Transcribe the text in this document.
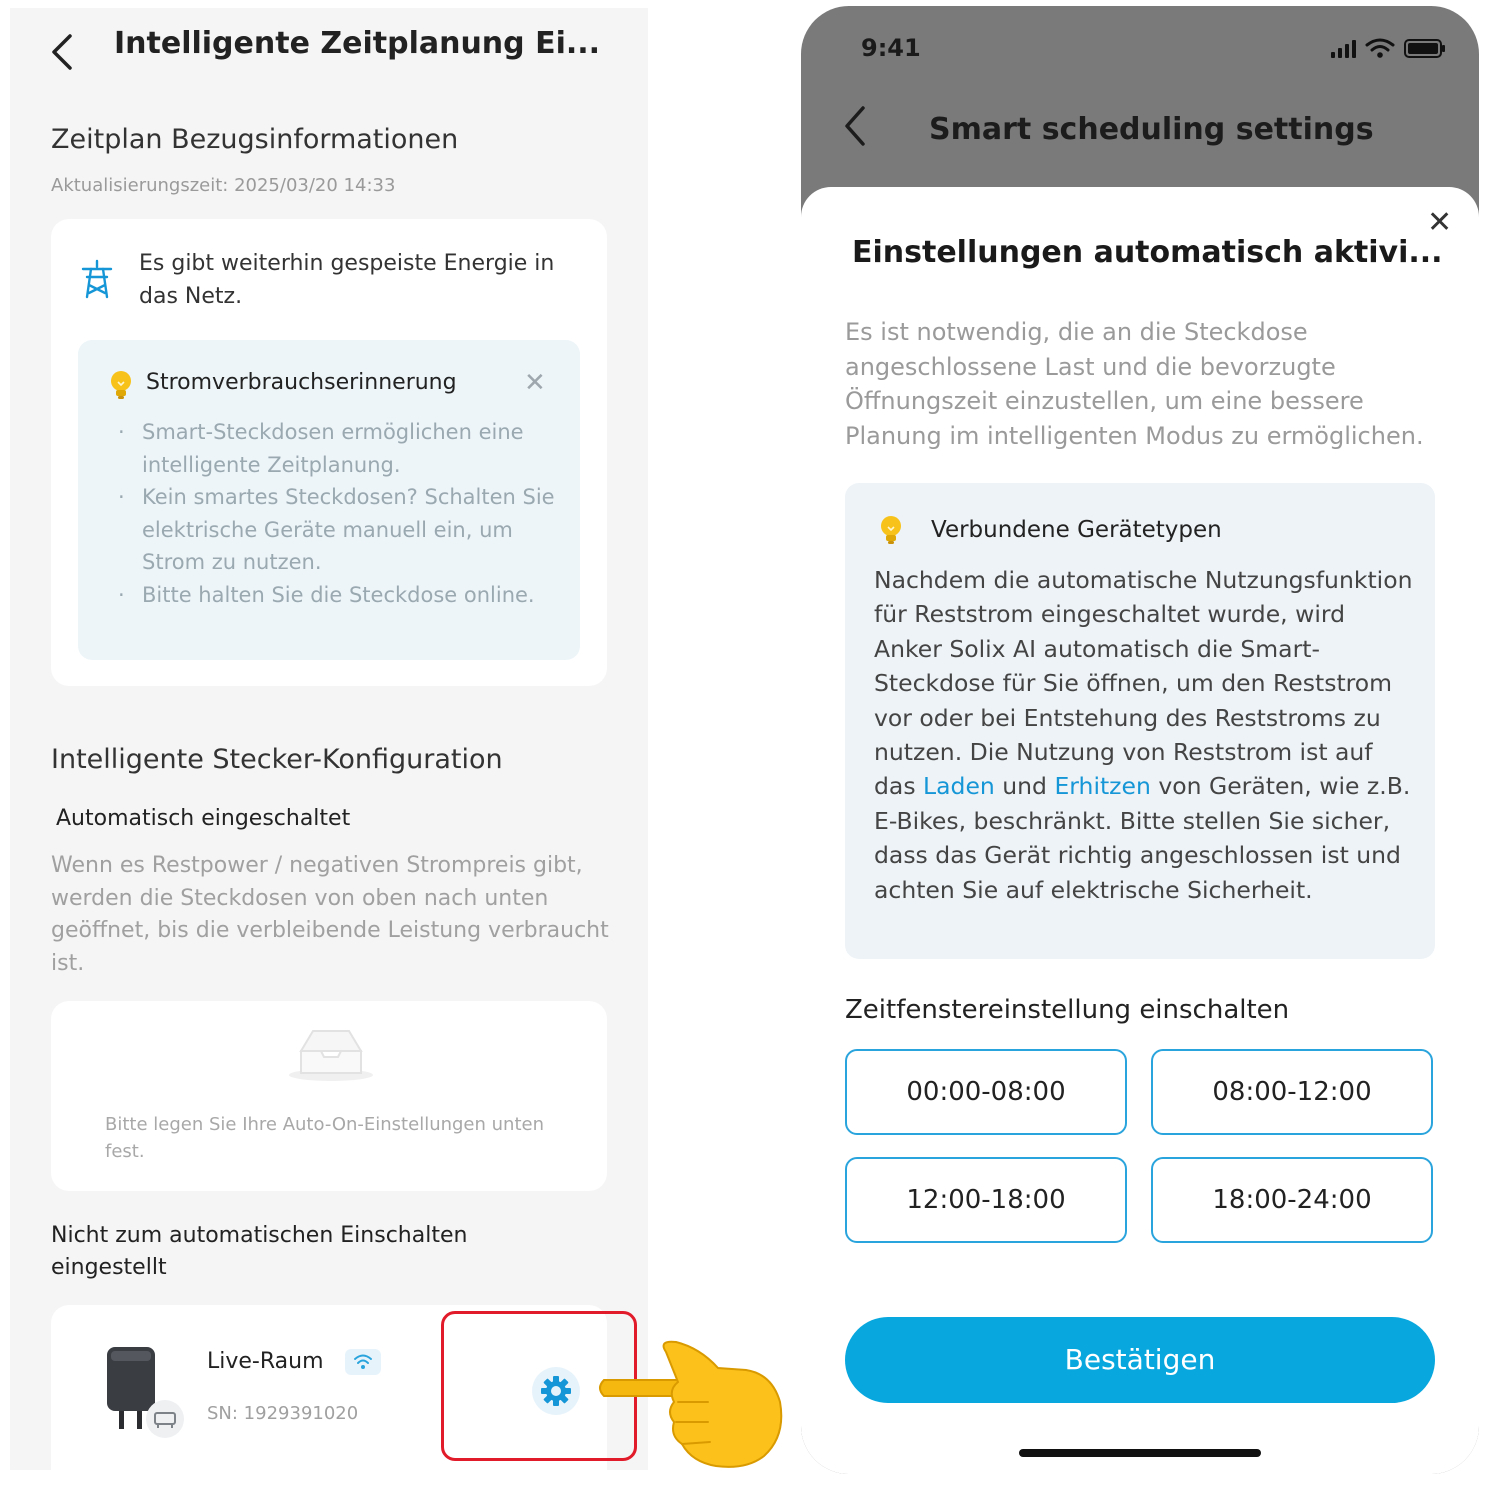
Intelligente Zeitplanung Ei...
Zeitplan Bezugsinformationen
Aktualisierungszeit: 2025/03/20 14:33
Es gibt weiterhin gespeiste Energie in das Netz.
Stromverbrauchserinnerung	✕
· Smart-Steckdosen ermöglichen eine intelligente Zeitplanung.
· Kein smartes Steckdosen? Schalten Sie elektrische Geräte manuell ein, um Strom zu nutzen.
· Bitte halten Sie die Steckdose online.
Intelligente Stecker-Konfiguration
Automatisch eingeschaltet
Wenn es Restpower / negativen Strompreis gibt, werden die Steckdosen von oben nach unten geöffnet, bis die verbleibende Leistung verbraucht ist.
Bitte legen Sie Ihre Auto-On-Einstellungen unten fest.
Nicht zum automatischen Einschalten eingestellt
Live-Raum
SN: 1929391020
9:41
Smart scheduling settings
✕
Einstellungen automatisch aktivi...
Es ist notwendig, die an die Steckdose angeschlossene Last und die bevorzugte Öffnungszeit einzustellen, um eine bessere Planung im intelligenten Modus zu ermöglichen.
Verbundene Gerätetypen
Nachdem die automatische Nutzungsfunktion für Reststrom eingeschaltet wurde, wird Anker Solix AI automatisch die Smart-Steckdose für Sie öffnen, um den Reststrom vor oder bei Entstehung des Reststroms zu nutzen. Die Nutzung von Reststrom ist auf das Laden und Erhitzen von Geräten, wie z.B. E-Bikes, beschränkt. Bitte stellen Sie sicher, dass das Gerät richtig angeschlossen ist und achten Sie auf elektrische Sicherheit.
Zeitfenstereinstellung einschalten
00:00-08:00	08:00-12:00
12:00-18:00	18:00-24:00
Bestätigen
